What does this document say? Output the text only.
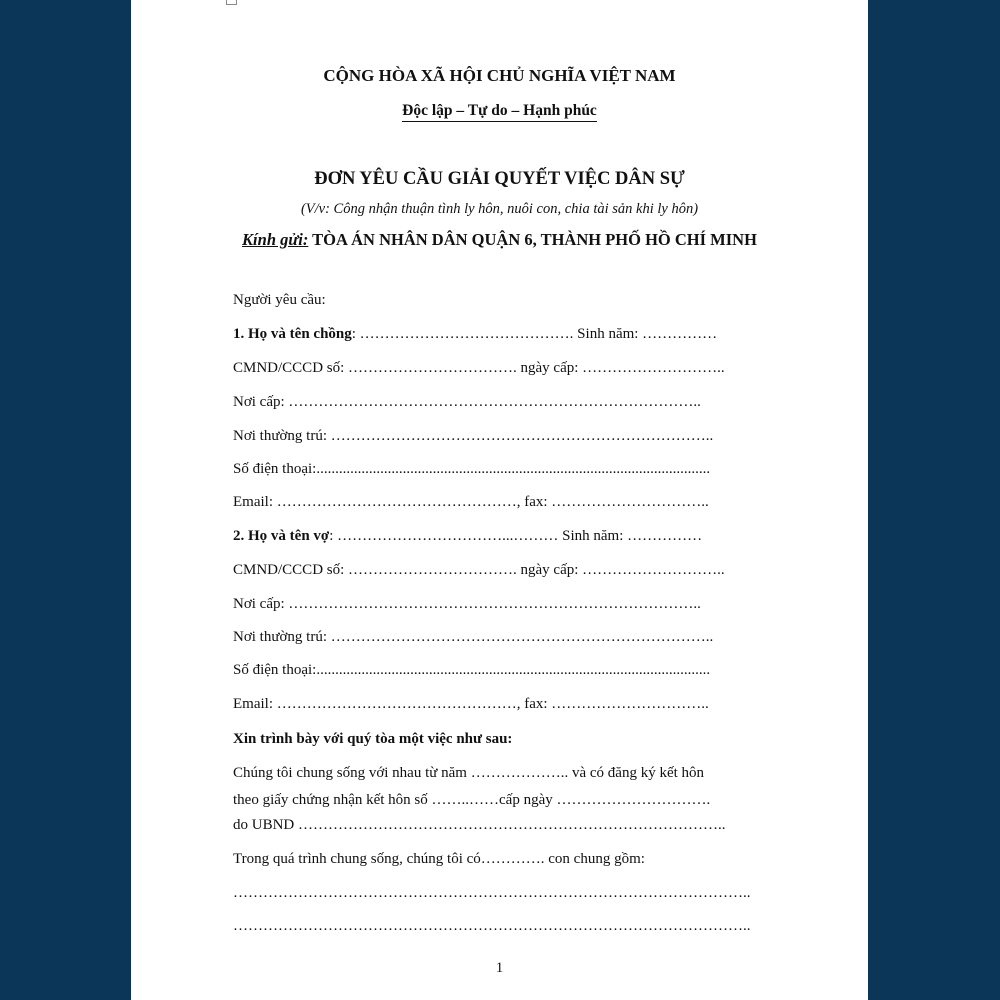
CỘNG HÒA XÃ HỘI CHỦ NGHĨA VIỆT NAM
Độc lập – Tự do – Hạnh phúc
ĐƠN YÊU CẦU GIẢI QUYẾT VIỆC DÂN SỰ
(V/v: Công nhận thuận tình ly hôn, nuôi con, chia tài sản khi ly hôn)
Kính gửi: TÒA ÁN NHÂN DÂN QUẬN 6, THÀNH PHỐ HỒ CHÍ MINH
Người yêu cầu:
1. Họ và tên chồng: ……………………………………. Sinh năm: ……………
CMND/CCCD số: ……………………………. ngày cấp: ………………………..
Nơi cấp: ………………………………………………………………………..
Nơi thường trú: …………………………………………………………………..
Số điện thoại:.........................................................................................................
Email: …………………………………………, fax: …………………………..
2. Họ và tên vợ: ……………………………...……… Sinh năm: ……………
CMND/CCCD số: ……………………………. ngày cấp: ………………………..
Nơi cấp: ………………………………………………………………………..
Nơi thường trú: …………………………………………………………………..
Số điện thoại:.........................................................................................................
Email: …………………………………………, fax: …………………………..
Xin trình bày với quý tòa một việc như sau:
Chúng tôi chung sống với nhau từ năm ……………….. và có đăng ký kết hôn
theo giấy chứng nhận kết hôn số ……..……cấp ngày ………………………….
do UBND …………………………………………………………………………..
Trong quá trình chung sống, chúng tôi có…………. con chung gồm:
…………………………………………………………………………………………..
…………………………………………………………………………………………..
1
